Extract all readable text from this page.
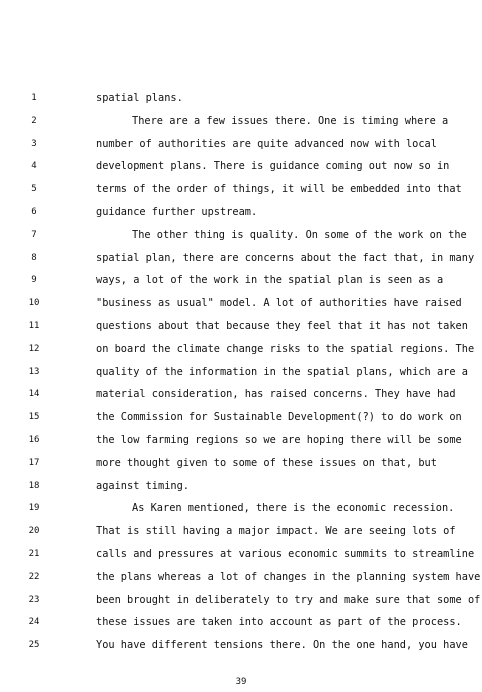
1	spatial plans.
2	There are a few issues there. One is timing where a
3	number of authorities are quite advanced now with local
4	development plans. There is guidance coming out now so in
5	terms of the order of things, it will be embedded into that
6	guidance further upstream.
7	The other thing is quality. On some of the work on the
8	spatial plan, there are concerns about the fact that, in many
9	ways, a lot of the work in the spatial plan is seen as a
10	"business as usual" model. A lot of authorities have raised
11	questions about that because they feel that it has not taken
12	on board the climate change risks to the spatial regions. The
13	quality of the information in the spatial plans, which are a
14	material consideration, has raised concerns. They have had
15	the Commission for Sustainable Development(?) to do work on
16	the low farming regions so we are hoping there will be some
17	more thought given to some of these issues on that, but
18	against timing.
19	As Karen mentioned, there is the economic recession.
20	That is still having a major impact. We are seeing lots of
21	calls and pressures at various economic summits to streamline
22	the plans whereas a lot of changes in the planning system have
23	been brought in deliberately to try and make sure that some of
24	these issues are taken into account as part of the process.
25	You have different tensions there. On the one hand, you have
39
